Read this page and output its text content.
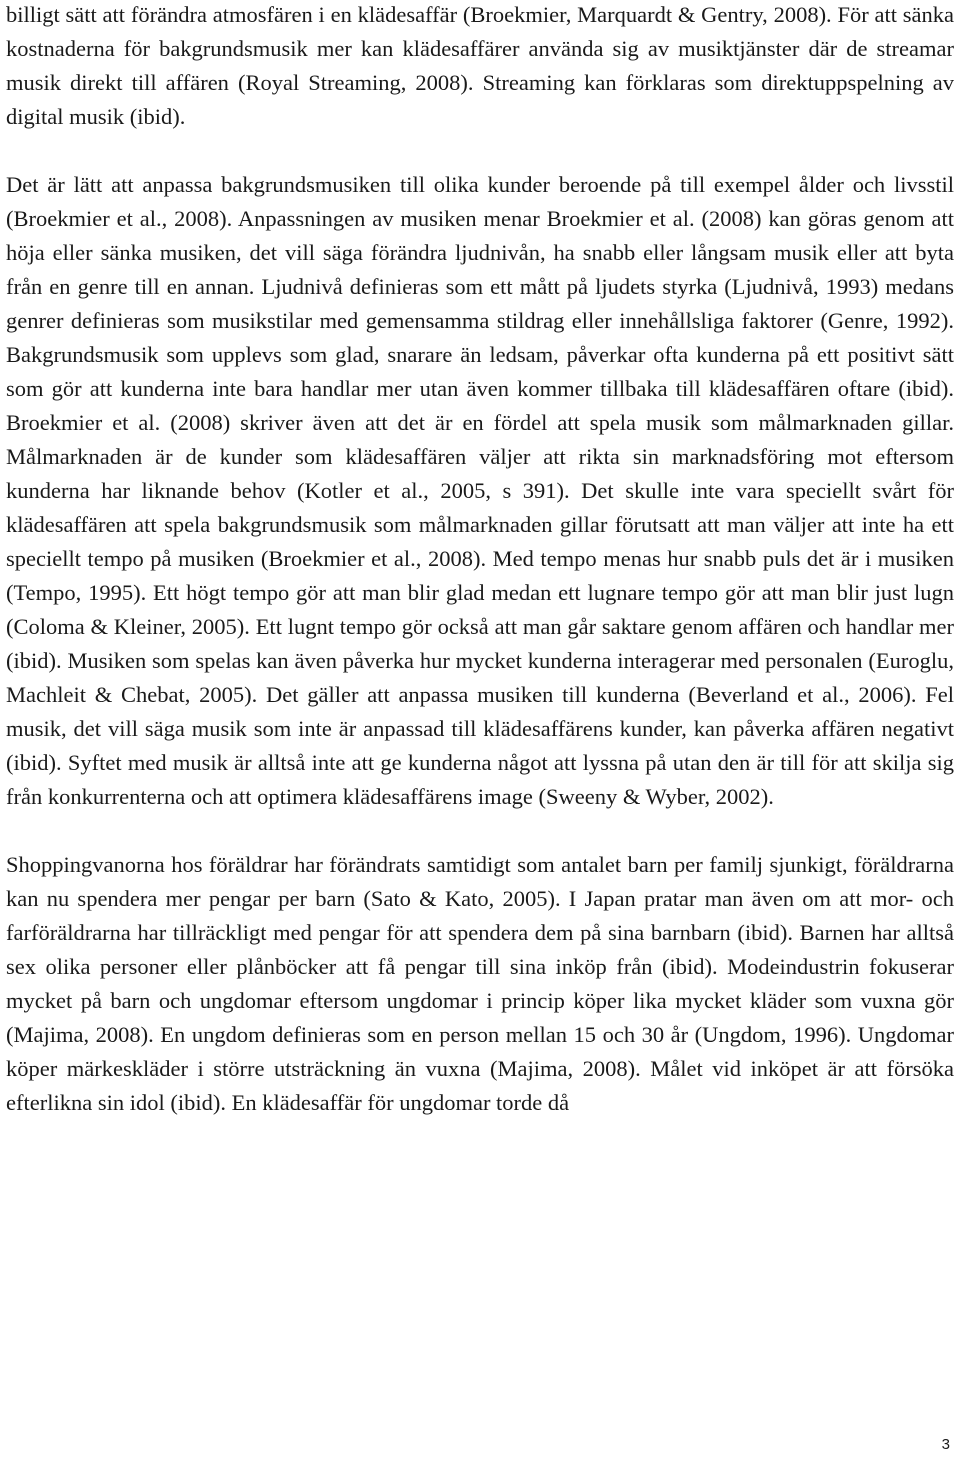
billigt sätt att förändra atmosfären i en klädesaffär (Broekmier, Marquardt & Gentry, 2008). För att sänka kostnaderna för bakgrundsmusik mer kan klädesaffärer använda sig av musiktjänster där de streamar musik direkt till affären (Royal Streaming, 2008). Streaming kan förklaras som direktuppspelning av digital musik (ibid).

Det är lätt att anpassa bakgrundsmusiken till olika kunder beroende på till exempel ålder och livsstil (Broekmier et al., 2008). Anpassningen av musiken menar Broekmier et al. (2008) kan göras genom att höja eller sänka musiken, det vill säga förändra ljudnivån, ha snabb eller långsam musik eller att byta från en genre till en annan. Ljudnivå definieras som ett mått på ljudets styrka (Ljudnivå, 1993) medans genrer definieras som musikstilar med gemensamma stildrag eller innehållsliga faktorer (Genre, 1992). Bakgrundsmusik som upplevs som glad, snarare än ledsam, påverkar ofta kunderna på ett positivt sätt som gör att kunderna inte bara handlar mer utan även kommer tillbaka till klädesaffären oftare (ibid). Broekmier et al. (2008) skriver även att det är en fördel att spela musik som målmarknaden gillar. Målmarknaden är de kunder som klädesaffären väljer att rikta sin marknadsföring mot eftersom kunderna har liknande behov (Kotler et al., 2005, s 391). Det skulle inte vara speciellt svårt för klädesaffären att spela bakgrundsmusik som målmarknaden gillar förutsatt att man väljer att inte ha ett speciellt tempo på musiken (Broekmier et al., 2008). Med tempo menas hur snabb puls det är i musiken (Tempo, 1995). Ett högt tempo gör att man blir glad medan ett lugnare tempo gör att man blir just lugn (Coloma & Kleiner, 2005). Ett lugnt tempo gör också att man går saktare genom affären och handlar mer (ibid). Musiken som spelas kan även påverka hur mycket kunderna interagerar med personalen (Euroglu, Machleit & Chebat, 2005). Det gäller att anpassa musiken till kunderna (Beverland et al., 2006). Fel musik, det vill säga musik som inte är anpassad till klädesaffärens kunder, kan påverka affären negativt (ibid). Syftet med musik är alltså inte att ge kunderna något att lyssna på utan den är till för att skilja sig från konkurrenterna och att optimera klädesaffärens image (Sweeny & Wyber, 2002).

Shoppingvanorna hos föräldrar har förändrats samtidigt som antalet barn per familj sjunkigt, föräldrarna kan nu spendera mer pengar per barn (Sato & Kato, 2005). I Japan pratar man även om att mor- och farföräldrarna har tillräckligt med pengar för att spendera dem på sina barnbarn (ibid). Barnen har alltså sex olika personer eller plånböcker att få pengar till sina inköp från (ibid). Modeindustrin fokuserar mycket på barn och ungdomar eftersom ungdomar i princip köper lika mycket kläder som vuxna gör (Majima, 2008). En ungdom definieras som en person mellan 15 och 30 år (Ungdom, 1996). Ungdomar köper märkeskläder i större utsträckning än vuxna (Majima, 2008). Målet vid inköpet är att försöka efterlikna sin idol (ibid). En klädesaffär för ungdomar torde då

3
